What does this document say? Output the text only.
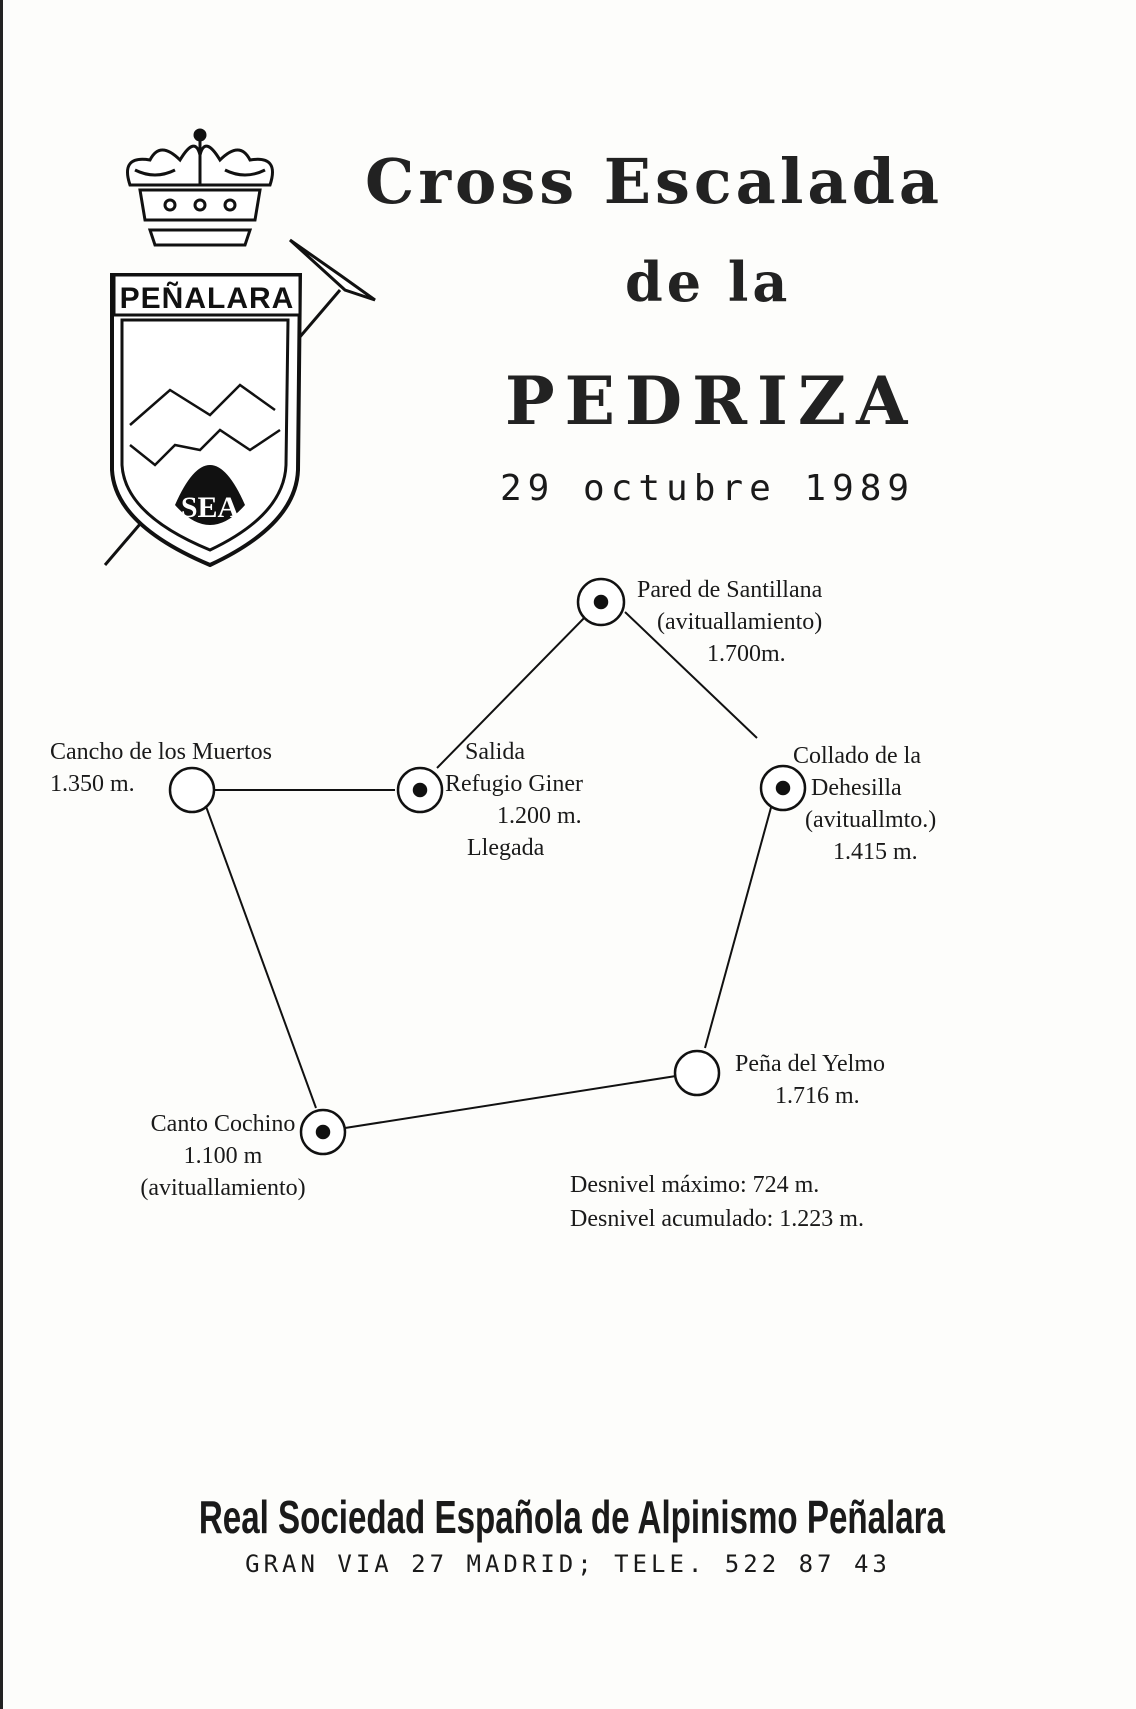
PEÑALARA
SEA
Cross Escalada
de la
PEDRIZA
29 octubre 1989
Pared de Santillana
(avituallamiento)
1.700m.
Collado de la
Dehesilla
(avituallmto.)
1.415 m.
Peña del Yelmo
1.716 m.
Canto Cochino
1.100 m
(avituallamiento)
Cancho de los Muertos
1.350 m.
Salida
Refugio Giner
1.200 m.
Llegada
Desnivel máximo: 724 m.
Desnivel acumulado: 1.223 m.
Real Sociedad Española de Alpinismo Peñalara
GRAN VIA 27 MADRID; TELE. 522 87 43
